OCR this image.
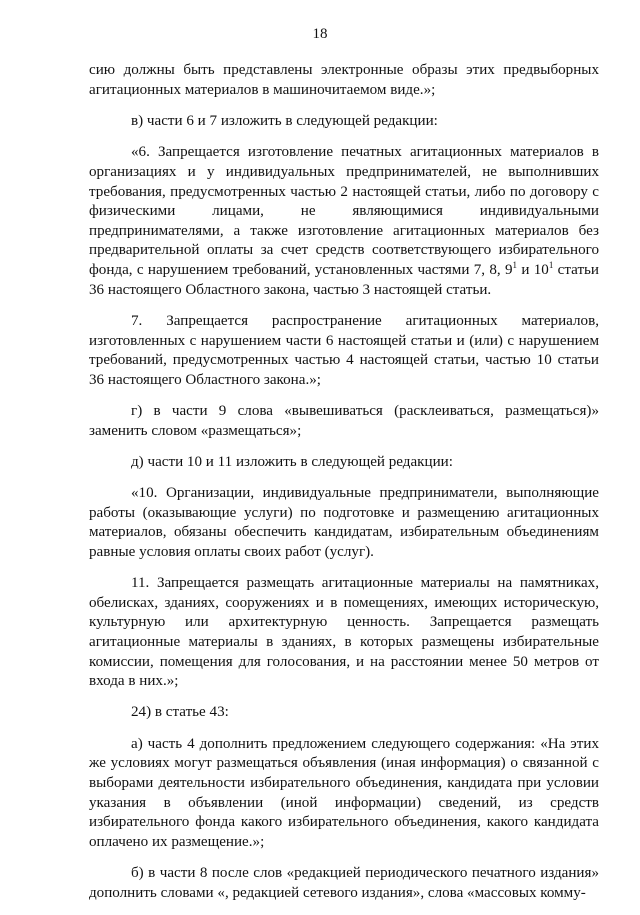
18

сию должны быть представлены электронные образы этих предвыборных агитационных материалов в машиночитаемом виде.»;

в) части 6 и 7 изложить в следующей редакции:

«6. Запрещается изготовление печатных агитационных материалов в организациях и у индивидуальных предпринимателей, не выполнивших требования, предусмотренных частью 2 настоящей статьи, либо по договору с физическими лицами, не являющимися индивидуальными предпринимателями, а также изготовление агитационных материалов без предварительной оплаты за счет средств соответствующего избирательного фонда, с нарушением требований, установленных частями 7, 8, $9^1$ и $10^1$ статьи 36 настоящего Областного закона, частью 3 настоящей статьи.

7. Запрещается распространение агитационных материалов, изготовленных с нарушением части 6 настоящей статьи и (или) с нарушением требований, предусмотренных частью 4 настоящей статьи, частью 10 статьи 36 настоящего Областного закона.»;

г) в части 9 слова «вывешиваться (расклеиваться, размещаться)» заменить словом «размещаться»;

д) части 10 и 11 изложить в следующей редакции:

«10. Организации, индивидуальные предприниматели, выполняющие работы (оказывающие услуги) по подготовке и размещению агитационных материалов, обязаны обеспечить кандидатам, избирательным объединениям равные условия оплаты своих работ (услуг).

11. Запрещается размещать агитационные материалы на памятниках, обелисках, зданиях, сооружениях и в помещениях, имеющих историческую, культурную или архитектурную ценность. Запрещается размещать агитационные материалы в зданиях, в которых размещены избирательные комиссии, помещения для голосования, и на расстоянии менее 50 метров от входа в них.»;

24) в статье 43:

а) часть 4 дополнить предложением следующего содержания: «На этих же условиях могут размещаться объявления (иная информация) о связанной с выборами деятельности избирательного объединения, кандидата при условии указания в объявлении (иной информации) сведений, из средств избирательного фонда какого избирательного объединения, какого кандидата оплачено их размещение.»;

б) в части 8 после слов «редакцией периодического печатного издания» дополнить словами «, редакцией сетевого издания», слова «массовых комму-
